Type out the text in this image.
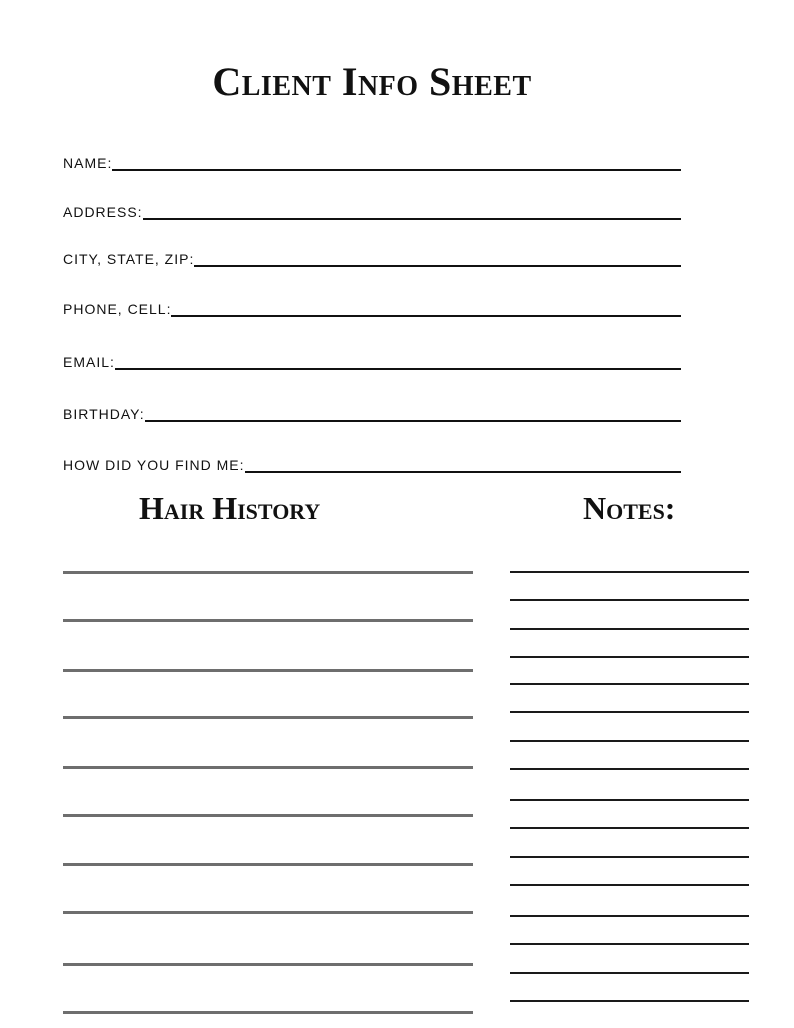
Client Info Sheet
NAME:
ADDRESS:
CITY, STATE, ZIP:
PHONE, CELL:
EMAIL:
BIRTHDAY:
HOW DID YOU FIND ME:
Hair History	Notes:
